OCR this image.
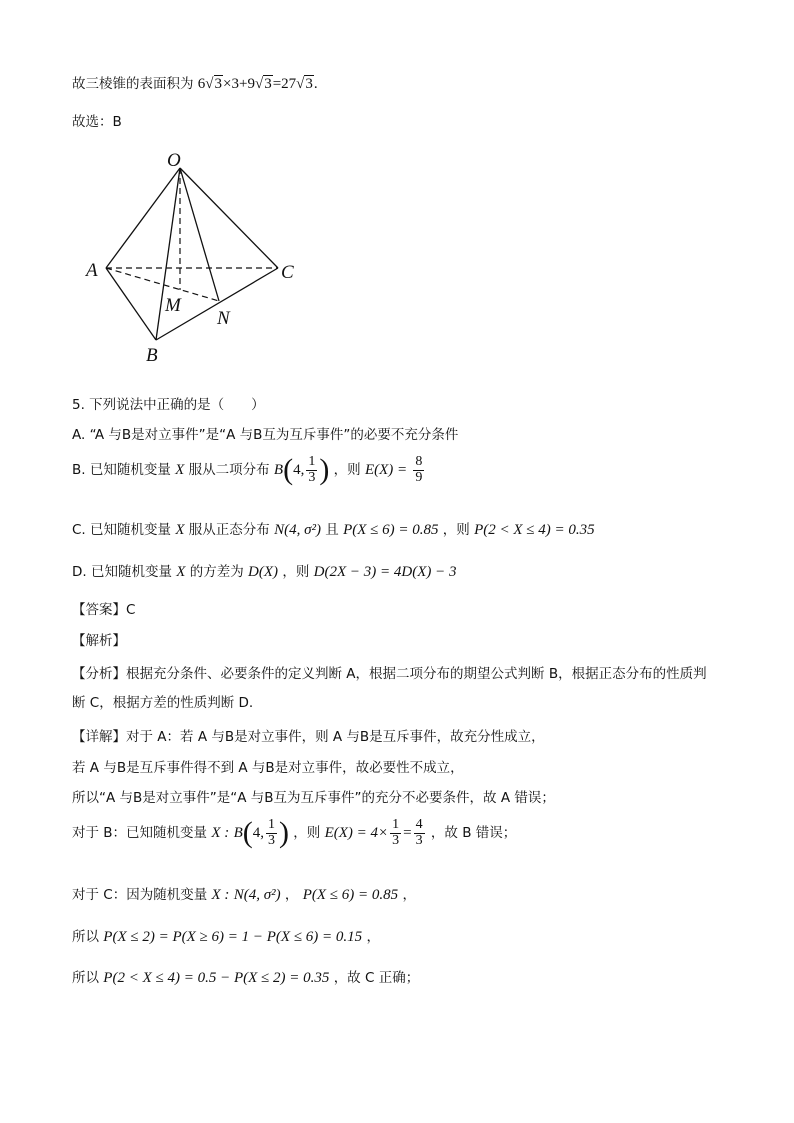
故三棱锥的表面积为 6√3×3+9√3=27√3.
故选：B
O
A	C
M
N
B
5. 下列说法中正确的是（　　）
A. “A 与B是对立事件”是“A 与B互为互斥事件”的必要不充分条件
B. 已知随机变量 X 服从二项分布 B(4, $\frac{1}{3}$ ) ，则 $E(X) = \frac{8}{9}$
C. 已知随机变量 X 服从正态分布 N(4, σ²) 且 P(X ≤ 6) = 0.85 ，则 P(2 < X ≤ 4) = 0.35
D. 已知随机变量 X 的方差为 D(X) ，则 D(2X − 3) = 4D(X) − 3
【答案】C
【解析】
【分析】根据充分条件、必要条件的定义判断 A，根据二项分布的期望公式判断 B，根据正态分布的性质判
断 C，根据方差的性质判断 D.
【详解】对于 A：若 A 与B是对立事件，则 A 与B是互斥事件，故充分性成立，
若 A 与B是互斥事件得不到 A 与B是对立事件，故必要性不成立，
所以“A 与B是对立事件”是“A 与B互为互斥事件”的充分不必要条件，故 A 错误；
对于 B：已知随机变量 X : B(4, $\frac{1}{3}$ ) ，则 $E(X) = 4\times \frac{1}{3} = \frac{4}{3}$ ，故 B 错误；
对于 C：因为随机变量 X : N(4, σ²) ， P(X ≤ 6) = 0.85 ，
所以 P(X ≤ 2) = P(X ≥ 6) = 1 − P(X ≤ 6) = 0.15 ，
所以 P(2 < X ≤ 4) = 0.5 − P(X ≤ 2) = 0.35 ，故 C 正确；
